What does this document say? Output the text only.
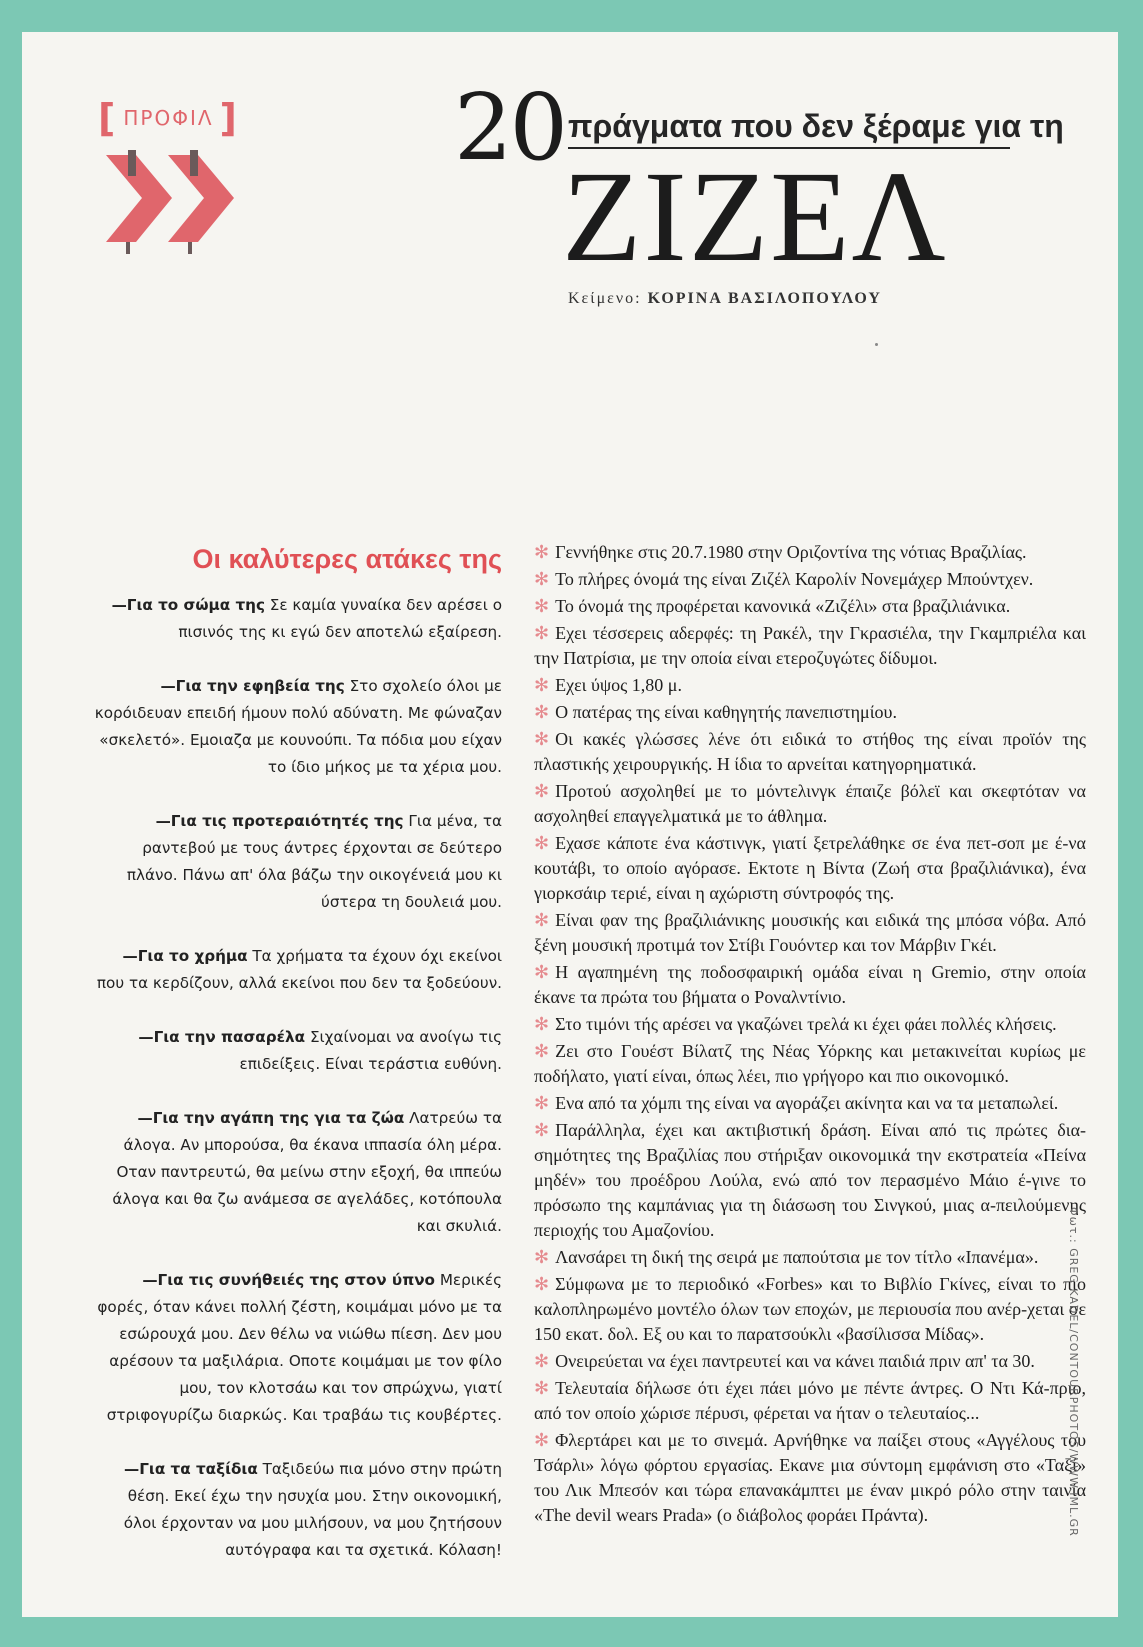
[ ΠΡΟΦΙΛ ] 20 πράγματα που δεν ξέραμε για τη
ΖΙΖΕΛ
Κείμενο: ΚΟΡΙΝΑ ΒΑΣΙΛΟΠΟΥΛΟΥ
Οι καλύτερες ατάκες της
—Για το σώμα της Σε καμία γυναίκα δεν αρέσει ο πισινός της κι εγώ δεν αποτελώ εξαίρεση.
—Για την εφηβεία της Στο σχολείο όλοι με κορόιδευαν επειδή ήμουν πολύ αδύνατη. Με φώναζαν «σκελετό». Εμοιαζα με κουνούπι. Τα πόδια μου είχαν το ίδιο μήκος με τα χέρια μου.
—Για τις προτεραιότητές της Για μένα, τα ραντεβού με τους άντρες έρχονται σε δεύτερο πλάνο. Πάνω απ' όλα βάζω την οικογένειά μου κι ύστερα τη δουλειά μου.
—Για το χρήμα Τα χρήματα τα έχουν όχι εκείνοι που τα κερδίζουν, αλλά εκείνοι που δεν τα ξοδεύουν.
—Για την πασαρέλα Σιχαίνομαι να ανοίγω τις επιδείξεις. Είναι τεράστια ευθύνη.
—Για την αγάπη της για τα ζώα Λατρεύω τα άλογα. Αν μπορούσα, θα έκανα ιππασία όλη μέρα. Οταν παντρευτώ, θα μείνω στην εξοχή, θα ιππεύω άλογα και θα ζω ανάμεσα σε αγελάδες, κοτόπουλα και σκυλιά.
—Για τις συνήθειές της στον ύπνο Μερικές φορές, όταν κάνει πολλή ζέστη, κοιμάμαι μόνο με τα εσώρουχά μου. Δεν θέλω να νιώθω πίεση. Δεν μου αρέσουν τα μαξιλάρια. Οποτε κοιμάμαι με τον φίλο μου, τον κλοτσάω και τον σπρώχνω, γιατί στριφογυρίζω διαρκώς. Και τραβάω τις κουβέρτες.
—Για τα ταξίδια Ταξιδεύω πια μόνο στην πρώτη θέση. Εκεί έχω την ησυχία μου. Στην οικονομική, όλοι έρχονταν να μου μιλήσουν, να μου ζητήσουν αυτόγραφα και τα σχετικά. Κόλαση!

✻ Γεννήθηκε στις 20.7.1980 στην Οριζοντίνα της νότιας Βραζιλίας.

✻ Το πλήρες όνομά της είναι Ζιζέλ Καρολίν Νονεμάχερ Μπούντχεν.

✻ Το όνομά της προφέρεται κανονικά «Ζιζέλι» στα βραζιλιάνικα.

✻ Εχει τέσσερεις αδερφές: τη Ρακέλ, την Γκρασιέλα, την Γκαμπριέλα και την Πατρίσια, με την οποία είναι ετεροζυγώτες δίδυμοι.

✻ Εχει ύψος 1,80 μ.

✻ Ο πατέρας της είναι καθηγητής πανεπιστημίου.

✻ Οι κακές γλώσσες λένε ότι ειδικά το στήθος της είναι προϊόν της πλαστικής χειρουργικής. Η ίδια το αρνείται κατηγορηματικά.

✻ Προτού ασχοληθεί με το μόντελινγκ έπαιζε βόλεϊ και σκεφτόταν να ασχοληθεί επαγγελματικά με το άθλημα.

✻ Εχασε κάποτε ένα κάστινγκ, γιατί ξετρελάθηκε σε ένα πετ-σοπ με έ-να κουτάβι, το οποίο αγόρασε. Εκτοτε η Βίντα (Ζωή στα βραζιλιάνικα), ένα γιορκσάιρ τεριέ, είναι η αχώριστη σύντροφός της.

✻ Είναι φαν της βραζιλιάνικης μουσικής και ειδικά της μπόσα νόβα. Από ξένη μουσική προτιμά τον Στίβι Γουόντερ και τον Μάρβιν Γκέι.

✻ Η αγαπημένη της ποδοσφαιρική ομάδα είναι η Gremio, στην οποία έκανε τα πρώτα του βήματα ο Ροναλντίνιο.

✻ Στο τιμόνι τής αρέσει να γκαζώνει τρελά κι έχει φάει πολλές κλήσεις.

✻ Ζει στο Γουέστ Βίλατζ της Νέας Υόρκης και μετακινείται κυρίως με ποδήλατο, γιατί είναι, όπως λέει, πιο γρήγορο και πιο οικονομικό.

✻ Ενα από τα χόμπι της είναι να αγοράζει ακίνητα και να τα μεταπωλεί.

✻ Παράλληλα, έχει και ακτιβιστική δράση. Είναι από τις πρώτες δια-σημότητες της Βραζιλίας που στήριξαν οικονομικά την εκστρατεία «Πείνα μηδέν» του προέδρου Λούλα, ενώ από τον περασμένο Μάιο έ-γινε το πρόσωπο της καμπάνιας για τη διάσωση του Σινγκού, μιας α-πειλούμενης περιοχής του Αμαζονίου.

✻ Λανσάρει τη δική της σειρά με παπούτσια με τον τίτλο «Ιπανέμα».

✻ Σύμφωνα με το περιοδικό «Forbes» και το Βιβλίο Γκίνες, είναι το πιο καλοπληρωμένο μοντέλο όλων των εποχών, με περιουσία που ανέρ-χεται σε 150 εκατ. δολ. Εξ ου και το παρατσούκλι «βασίλισσα Μίδας».

✻ Ονειρεύεται να έχει παντρευτεί και να κάνει παιδιά πριν απ' τα 30.

✻ Τελευταία δήλωσε ότι έχει πάει μόνο με πέντε άντρες. Ο Ντι Κά-πριο, από τον οποίο χώρισε πέρυσι, φέρεται να ήταν ο τελευταίος...

✻ Φλερτάρει και με το σινεμά. Αρνήθηκε να παίξει στους «Αγγέλους του Τσάρλι» λόγω φόρτου εργασίας. Εκανε μια σύντομη εμφάνιση στο «Ταξί» του Λικ Μπεσόν και τώρα επανακάμπτει με έναν μικρό ρόλο στην ταινία «The devil wears Prada» (ο διάβολος φοράει Πράντα).	Φωτ.: GREG KADEL/CONTOURPHOTOS/WWW.IML.GR
